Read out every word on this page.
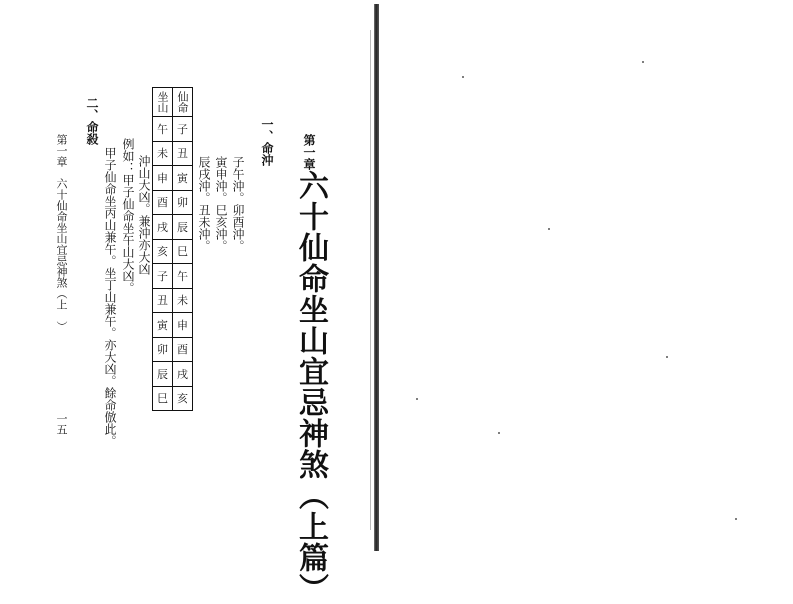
第一章
六十仙命坐山宜忌神煞（上篇）
一、命沖
子午沖。卯酉沖。
寅申沖。巳亥沖。
辰戌沖。丑未沖。
仙命
子
丑
寅
卯
辰
巳
午
未
申
酉
戌
亥
坐山
午
未
申
酉
戌
亥
子
丑
寅
卯
辰
巳
沖山大凶。兼沖亦大凶
例如：甲子仙命坐午山大凶。
甲子仙命坐丙山兼午。坐丁山兼午。亦大凶。餘命倣此。
二、命殺
第一章　六十仙命坐山宜忌神煞（上　）
一五
